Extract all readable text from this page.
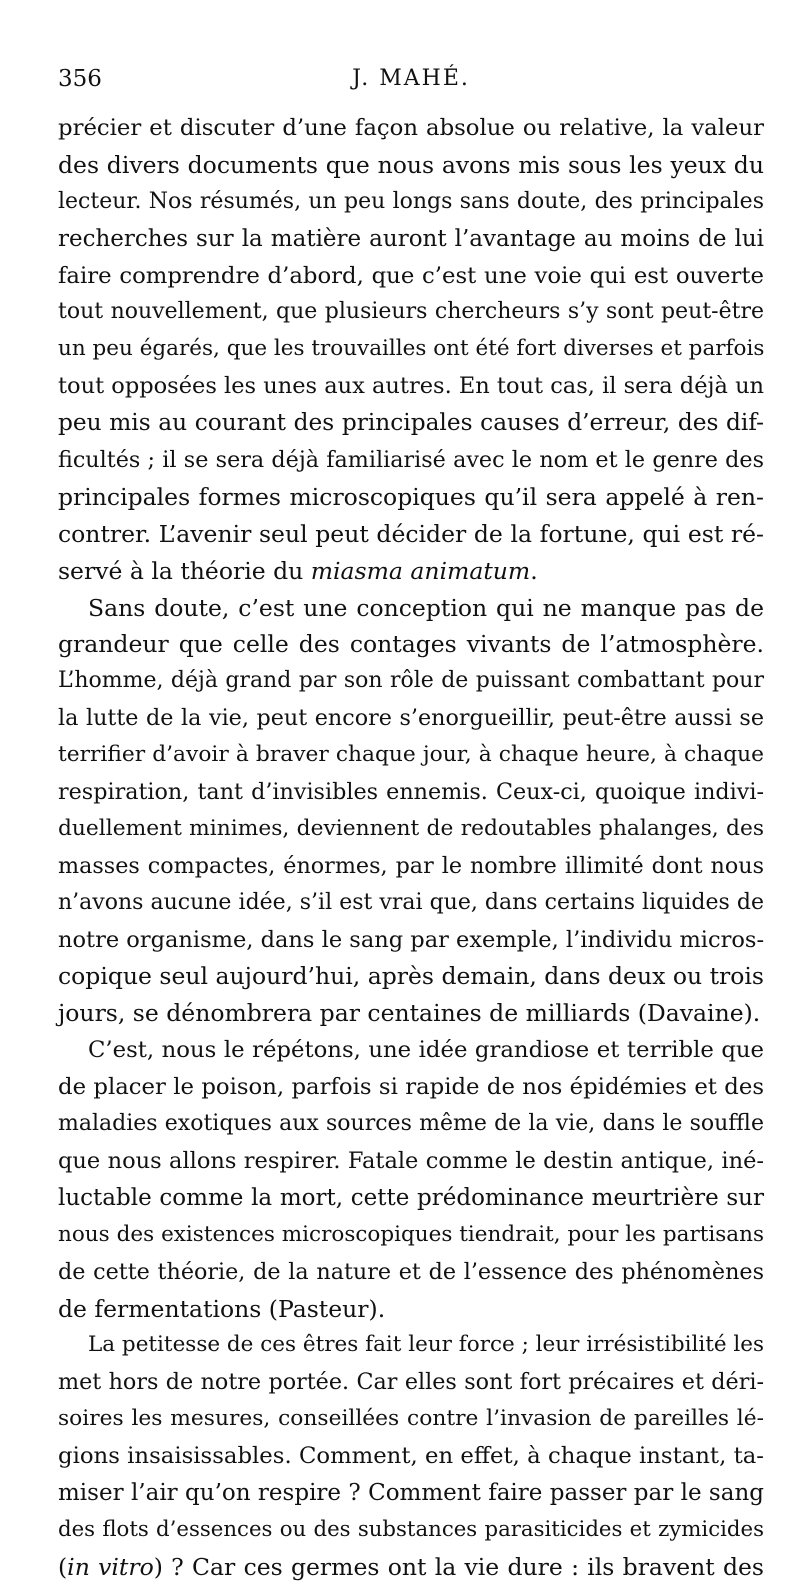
356	J. MAHÉ.
précier et discuter d’une façon absolue ou relative, la valeur
des divers documents que nous avons mis sous les yeux du
lecteur. Nos résumés, un peu longs sans doute, des principales
recherches sur la matière auront l’avantage au moins de lui
faire comprendre d’abord, que c’est une voie qui est ouverte
tout nouvellement, que plusieurs chercheurs s’y sont peut-être
un peu égarés, que les trouvailles ont été fort diverses et parfois
tout opposées les unes aux autres. En tout cas, il sera déjà un
peu mis au courant des principales causes d’erreur, des dif-
ficultés ; il se sera déjà familiarisé avec le nom et le genre des
principales formes microscopiques qu’il sera appelé à ren-
contrer. L’avenir seul peut décider de la fortune, qui est ré-
servé à la théorie du miasma animatum.
Sans doute, c’est une conception qui ne manque pas de
grandeur que celle des contages vivants de l’atmosphère.
L’homme, déjà grand par son rôle de puissant combattant pour
la lutte de la vie, peut encore s’enorgueillir, peut-être aussi se
terrifier d’avoir à braver chaque jour, à chaque heure, à chaque
respiration, tant d’invisibles ennemis. Ceux-ci, quoique indivi-
duellement minimes, deviennent de redoutables phalanges, des
masses compactes, énormes, par le nombre illimité dont nous
n’avons aucune idée, s’il est vrai que, dans certains liquides de
notre organisme, dans le sang par exemple, l’individu micros-
copique seul aujourd’hui, après demain, dans deux ou trois
jours, se dénombrera par centaines de milliards (Davaine).
C’est, nous le répétons, une idée grandiose et terrible que
de placer le poison, parfois si rapide de nos épidémies et des
maladies exotiques aux sources même de la vie, dans le souffle
que nous allons respirer. Fatale comme le destin antique, iné-
luctable comme la mort, cette prédominance meurtrière sur
nous des existences microscopiques tiendrait, pour les partisans
de cette théorie, de la nature et de l’essence des phénomènes
de fermentations (Pasteur).
La petitesse de ces êtres fait leur force ; leur irrésistibilité les
met hors de notre portée. Car elles sont fort précaires et déri-
soires les mesures, conseillées contre l’invasion de pareilles lé-
gions insaisissables. Comment, en effet, à chaque instant, ta-
miser l’air qu’on respire ? Comment faire passer par le sang
des flots d’essences ou des substances parasiticides et zymicides
(in vitro) ? Car ces germes ont la vie dure : ils bravent des
